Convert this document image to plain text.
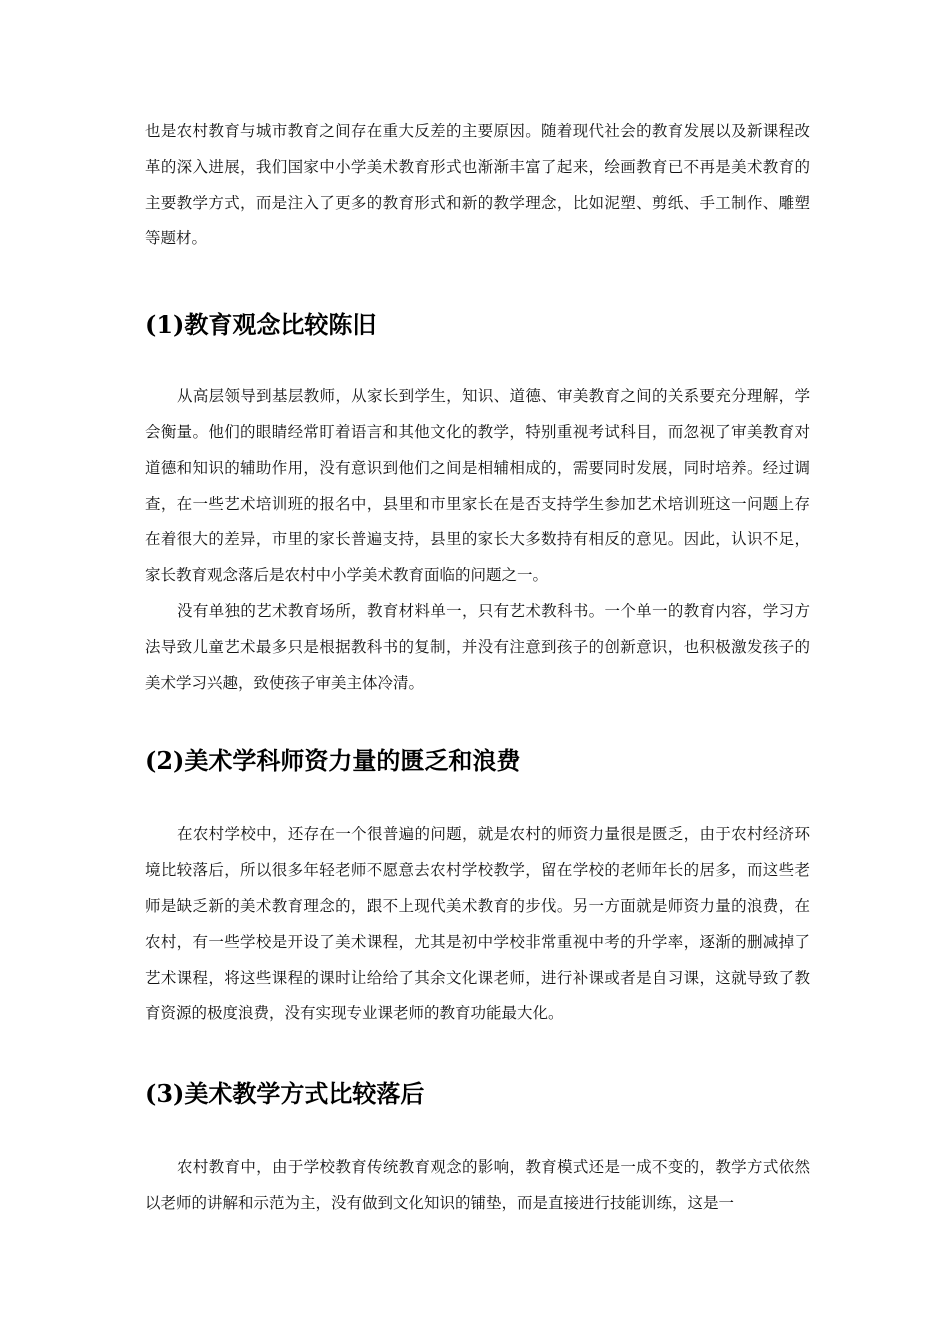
也是农村教育与城市教育之间存在重大反差的主要原因。随着现代社会的教育发展以及新课程改革的深入进展，我们国家中小学美术教育形式也渐渐丰富了起来，绘画教育已不再是美术教育的主要教学方式，而是注入了更多的教育形式和新的教学理念，比如泥塑、剪纸、手工制作、雕塑等题材。

(1)教育观念比较陈旧

从高层领导到基层教师，从家长到学生，知识、道德、审美教育之间的关系要充分理解，学会衡量。他们的眼睛经常盯着语言和其他文化的教学，特别重视考试科目，而忽视了审美教育对道德和知识的辅助作用，没有意识到他们之间是相辅相成的，需要同时发展，同时培养。经过调查，在一些艺术培训班的报名中，县里和市里家长在是否支持学生参加艺术培训班这一问题上存在着很大的差异，市里的家长普遍支持，县里的家长大多数持有相反的意见。因此，认识不足，家长教育观念落后是农村中小学美术教育面临的问题之一。

没有单独的艺术教育场所，教育材料单一，只有艺术教科书。一个单一的教育内容，学习方法导致儿童艺术最多只是根据教科书的复制，并没有注意到孩子的创新意识，也积极激发孩子的美术学习兴趣，致使孩子审美主体冷清。

(2)美术学科师资力量的匮乏和浪费

在农村学校中，还存在一个很普遍的问题，就是农村的师资力量很是匮乏，由于农村经济环境比较落后，所以很多年轻老师不愿意去农村学校教学，留在学校的老师年长的居多，而这些老师是缺乏新的美术教育理念的，跟不上现代美术教育的步伐。另一方面就是师资力量的浪费，在农村，有一些学校是开设了美术课程，尤其是初中学校非常重视中考的升学率，逐渐的删减掉了艺术课程，将这些课程的课时让给给了其余文化课老师，进行补课或者是自习课，这就导致了教育资源的极度浪费，没有实现专业课老师的教育功能最大化。

(3)美术教学方式比较落后

农村教育中，由于学校教育传统教育观念的影响，教育模式还是一成不变的，教学方式依然以老师的讲解和示范为主，没有做到文化知识的铺垫，而是直接进行技能训练，这是一
